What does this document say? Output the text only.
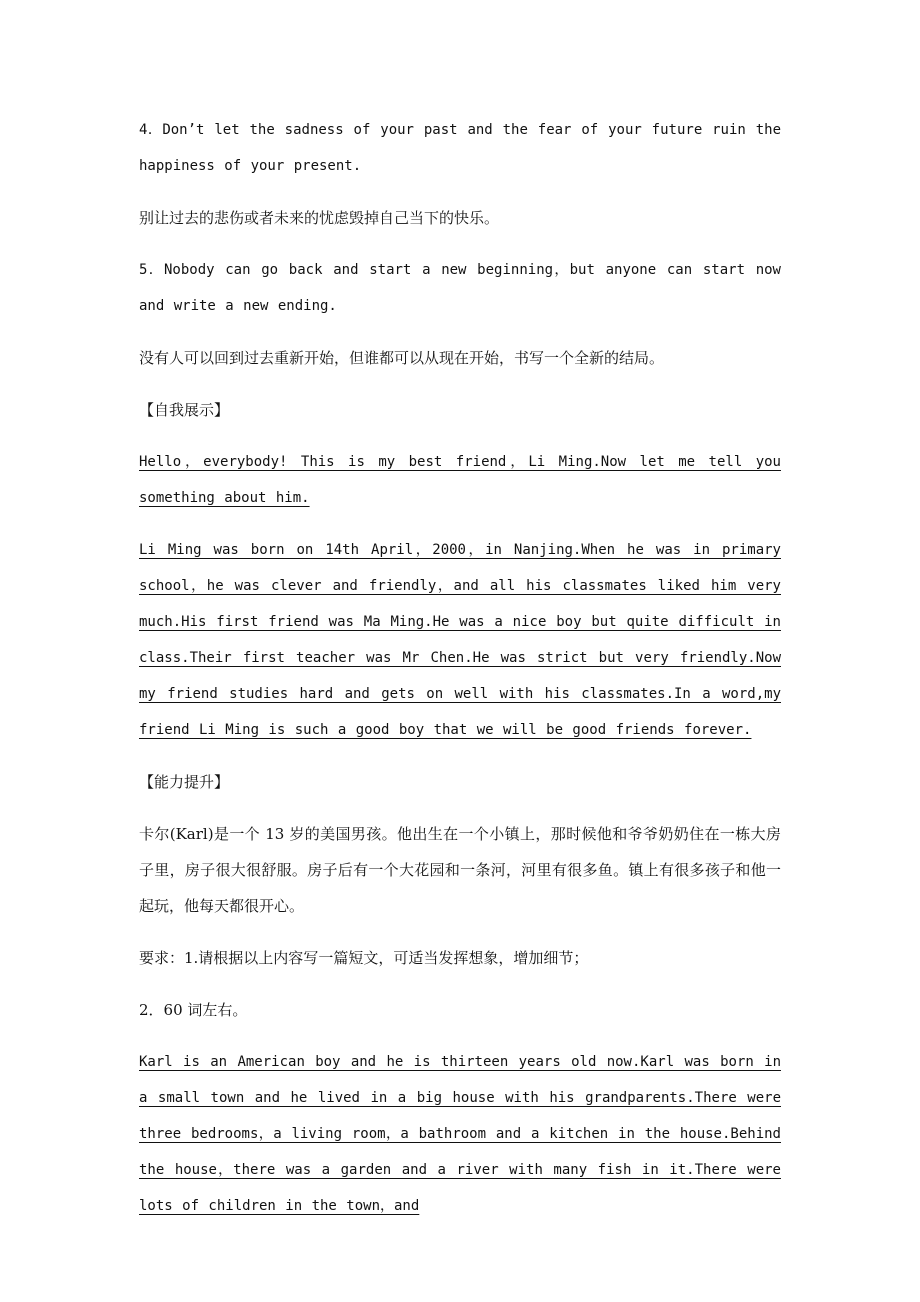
4．Don’t let the sadness of your past and the fear of your future ruin the happiness of your present.

别让过去的悲伤或者未来的忧虑毁掉自己当下的快乐。

5．Nobody can go back and start a new beginning，but anyone can start now and write a new ending.

没有人可以回到过去重新开始，但谁都可以从现在开始，书写一个全新的结局。

【自我展示】

Hello，everybody! This is my best friend，Li Ming.Now let me tell you something about him.

Li Ming was born on 14th April，2000，in Nanjing.When he was in primary school，he was clever and friendly，and all his classmates liked him very much.His first friend was Ma Ming.He was a nice boy but quite difficult in class.Their first teacher was Mr Chen.He was strict but very friendly.Now my friend studies hard and gets on well with his classmates.In a word,my friend Li Ming is such a good boy that we will be good friends forever.

【能力提升】

卡尔(Karl)是一个 13 岁的美国男孩。他出生在一个小镇上，那时候他和爷爷奶奶住在一栋大房子里，房子很大很舒服。房子后有一个大花园和一条河，河里有很多鱼。镇上有很多孩子和他一起玩，他每天都很开心。

要求：1.请根据以上内容写一篇短文，可适当发挥想象，增加细节；

2．60 词左右。

Karl is an American boy and he is thirteen years old now.Karl was born in a small town and he lived in a big house with his grandparents.There were three bedrooms，a living room，a bathroom and a kitchen in the house.Behind the house，there was a garden and a river with many fish in it.There were lots of children in the town，and
